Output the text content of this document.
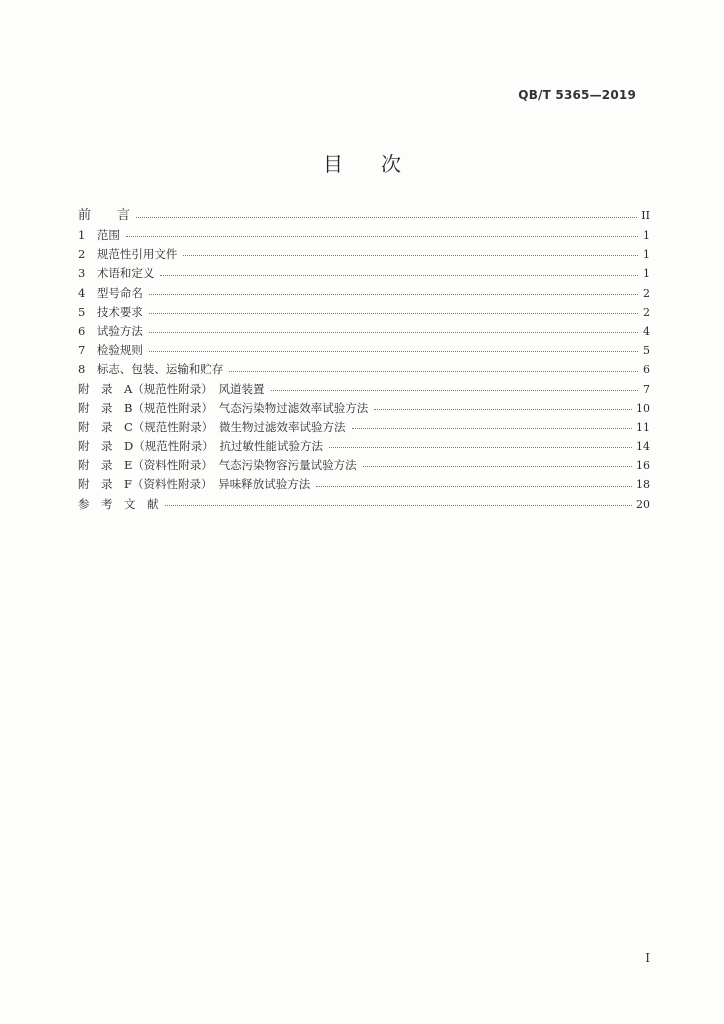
QB/T 5365—2019
目次
前　　言	II
1　范围	1
2　规范性引用文件	1
3　术语和定义	1
4　型号命名	2
5　技术要求	2
6　试验方法	4
7　检验规则	5
8　标志、包装、运输和贮存	6
附　录　A（规范性附录）　风道装置	7
附　录　B（规范性附录）　气态污染物过滤效率试验方法	10
附　录　C（规范性附录）　微生物过滤效率试验方法	11
附　录　D（规范性附录）　抗过敏性能试验方法	14
附　录　E（资料性附录）　气态污染物容污量试验方法	16
附　录　F（资料性附录）　异味释放试验方法	18
参　考　文　献	20
I
